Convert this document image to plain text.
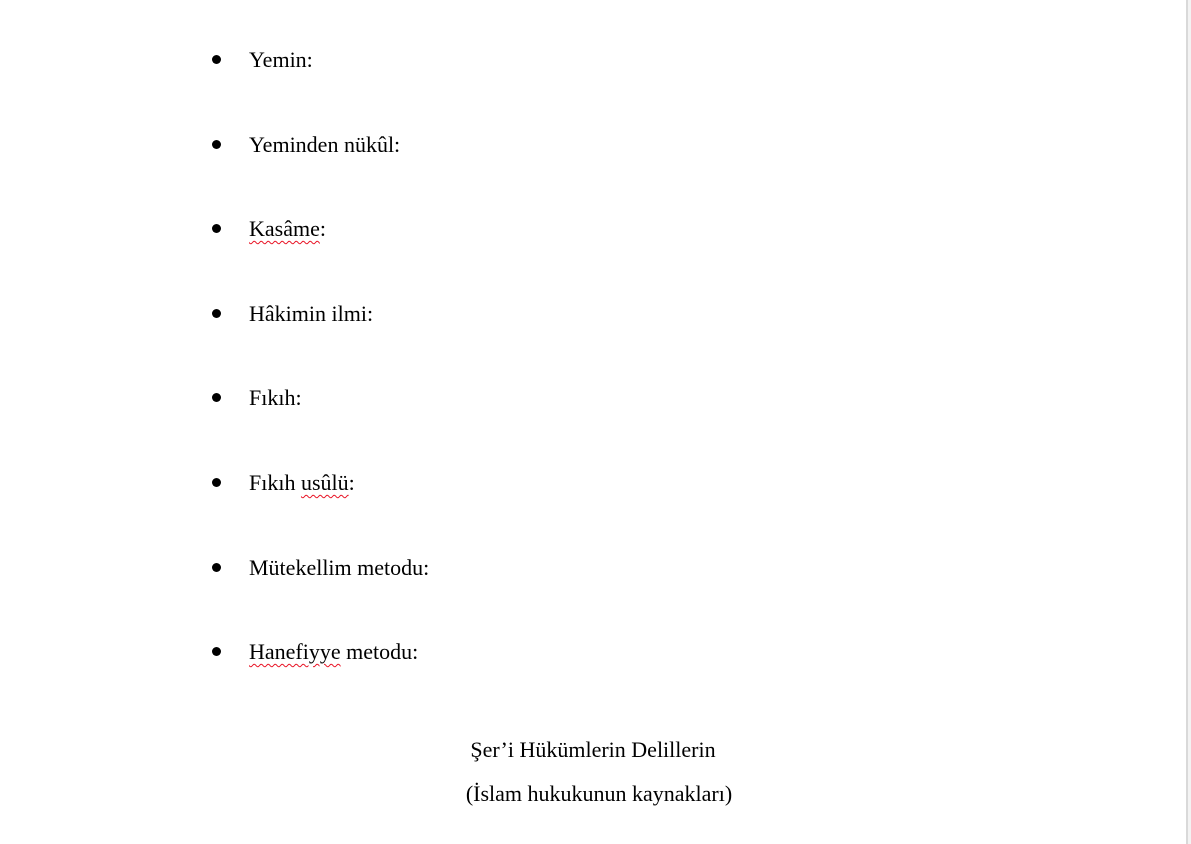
Yemin:
Yeminden nükûl:
Kasâme:
Hâkimin ilmi:
Fıkıh:
Fıkıh usûlü:
Mütekellim metodu:
Hanefiyye metodu:
Şer’i Hükümlerin Delillerin
(İslam hukukunun kaynakları)
